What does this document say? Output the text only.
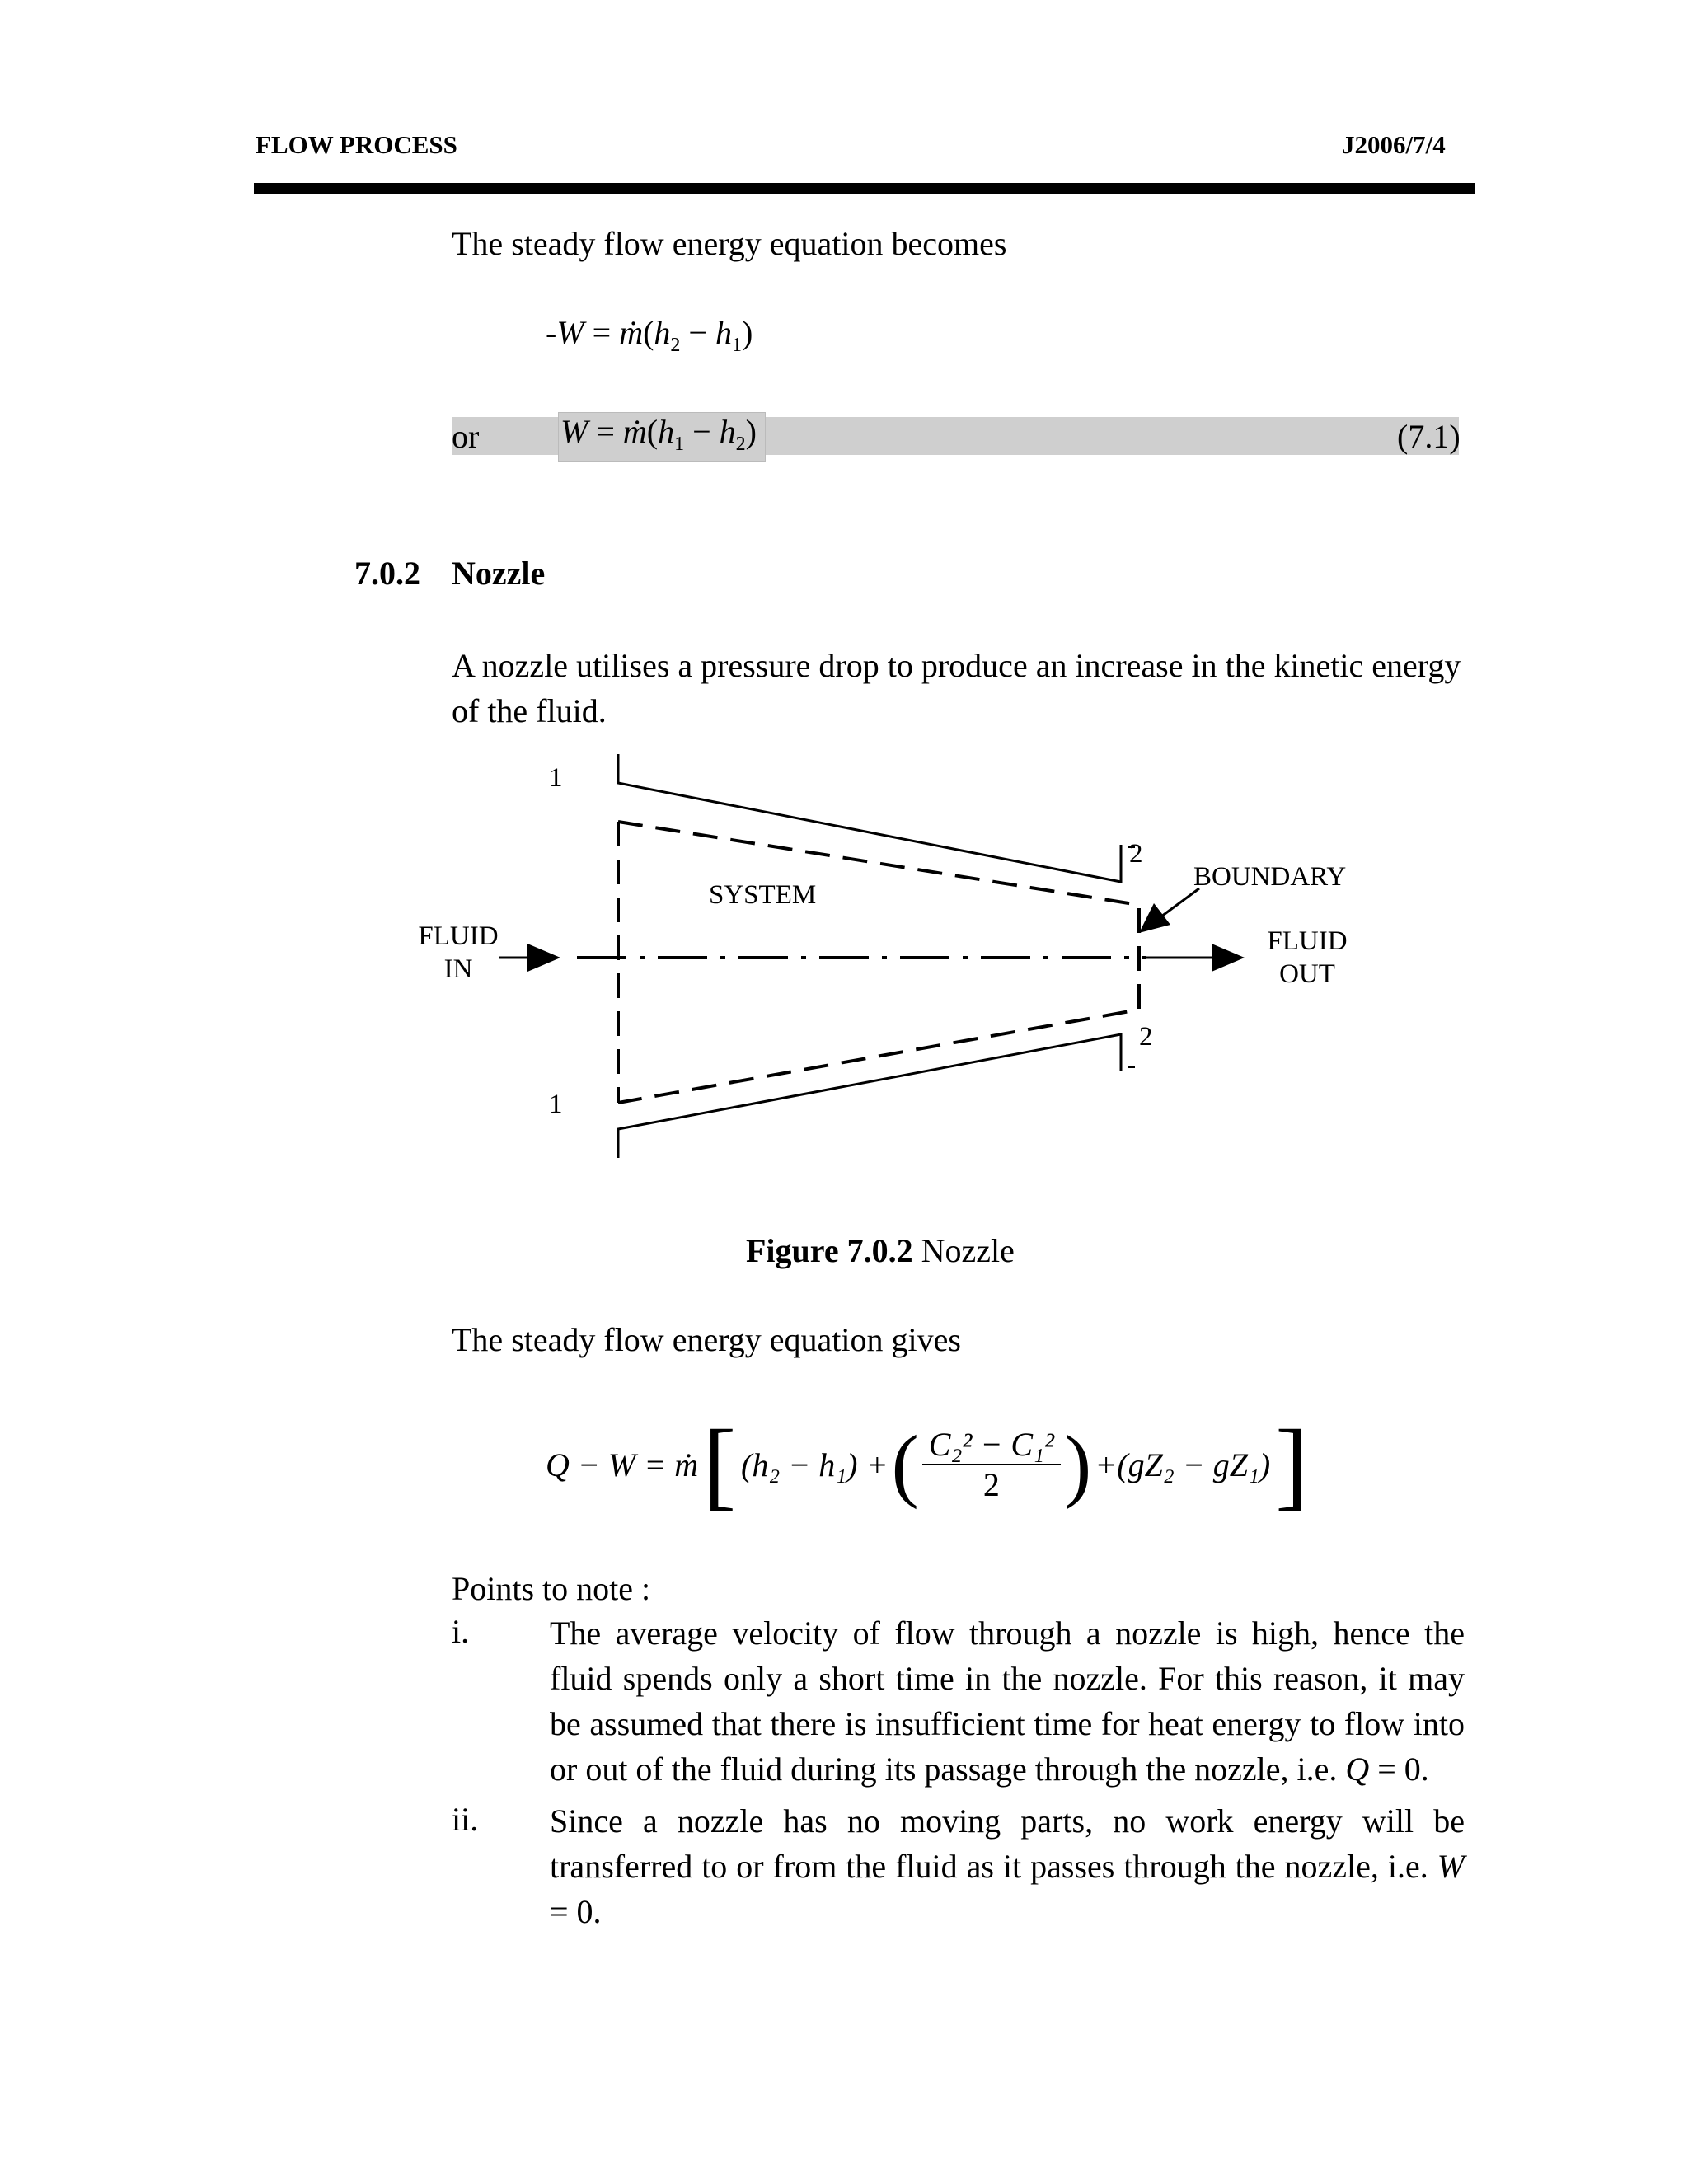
FLOW PROCESS	J2006/7/4
The steady flow energy equation becomes
$-W = ṁ(h_2 - h_1)$
or $W = ṁ(h_1 - h_2)$	(7.1)
7.0.2 Nozzle
A nozzle utilises a pressure drop to produce an increase in the kinetic energy of the fluid.
1
1
2
2
SYSTEM
BOUNDARY
FLUID
IN
FLUID
OUT
Figure 7.0.2 Nozzle
The steady flow energy equation gives
Q − W = ṁ [ (h₂ − h₁) + ( $\frac{\text{C₂² − C₁²}}{2}$ ) +(gZ₂ − gZ₁) ]
Points to note :
i. The average velocity of flow through a nozzle is high, hence the fluid spends only a short time in the nozzle. For this reason, it may be assumed that there is insufficient time for heat energy to flow into or out of the fluid during its passage through the nozzle, i.e. Q = 0.
ii. Since a nozzle has no moving parts, no work energy will be transferred to or from the fluid as it passes through the nozzle, i.e. W = 0.
